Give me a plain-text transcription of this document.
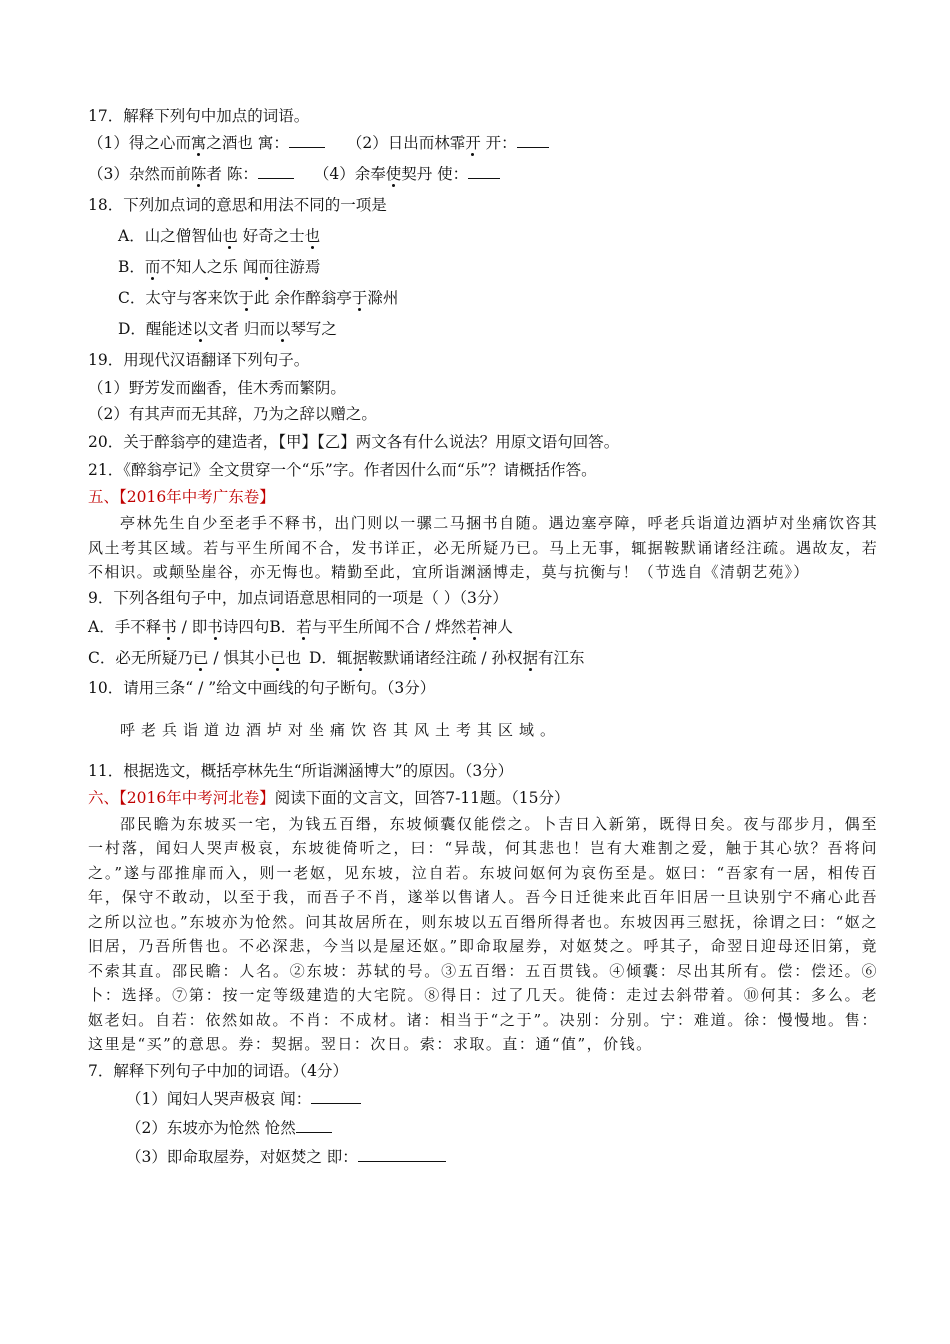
17．解释下列句中加点的词语。

（1）得之心而寓之酒也 寓：	（2）日出而林霏开 开：

（3）杂然而前陈者 陈：	（4）余奉使契丹 使：

18．下列加点词的意思和用法不同的一项是

A．山之僧智仙也 好奇之士也

B．而不知人之乐 闻而往游焉

C．太守与客来饮于此 余作醉翁亭于滁州

D．醒能述以文者 归而以琴写之

19．用现代汉语翻译下列句子。

（1）野芳发而幽香，佳木秀而繁阴。

（2）有其声而无其辞，乃为之辞以赠之。

20．关于醉翁亭的建造者，【甲】【乙】两文各有什么说法？用原文语句回答。

21．《醉翁亭记》全文贯穿一个“乐”字。作者因什么而“乐”？请概括作答。

五、【2016年中考广东卷】

亭林先生自少至老手不释书，出门则以一骡二马捆书自随。遇边塞亭障，呼老兵诣道边酒垆对坐痛饮咨其风土考其区域。若与平生所闻不合，发书详正，必无所疑乃已。马上无事，辄据鞍默诵诸经注疏。遇故友，若不相识。或颠坠崖谷，亦无悔也。精勤至此，宜所诣渊涵博走，莫与抗衡与！（节选自《清朝艺苑》）

9．下列各组句子中，加点词语意思相同的一项是（ ）（3分）

A．手不释书 / 即书诗四句B．若与平生所闻不合 / 烨然若神人

C．必无所疑乃已 / 惧其小已也 D．辄据鞍默诵诸经注疏 / 孙权据有江东

10．请用三条“ / ”给文中画线的句子断句。（3分）

呼老兵诣道边酒垆对坐痛饮咨其风土考其区域。

11．根据选文，概括亭林先生“所诣渊涵博大”的原因。（3分）

六、【2016年中考河北卷】阅读下面的文言文，回答7-11题。（15分）

邵民瞻为东坡买一宅，为钱五百缗，东坡倾囊仅能偿之。卜吉日入新第，既得日矣。夜与邵步月，偶至一村落，闻妇人哭声极哀，东坡徙倚听之，曰：“异哉，何其悲也！岂有大难割之爱，触于其心欤？吾将问之。”遂与邵推扉而入，则一老妪，见东坡，泣自若。东坡问妪何为哀伤至是。妪曰：“吾家有一居，相传百年，保守不敢动，以至于我，而吾子不肖，遂举以售诸人。吾今日迁徙来此百年旧居一旦诀别宁不痛心此吾之所以泣也。”东坡亦为怆然。问其故居所在，则东坡以五百缗所得者也。东坡因再三慰抚，徐谓之曰：“妪之旧居，乃吾所售也。不必深悲，今当以是屋还妪。”即命取屋券，对妪焚之。呼其子，命翌日迎母还旧第，竟不索其直。邵民瞻：人名。②东坡：苏轼的号。③五百缗：五百贯钱。④倾囊：尽出其所有。偿：偿还。⑥卜：选择。⑦第：按一定等级建造的大宅院。⑧得日：过了几天。徙倚：走过去斜带着。⑩何其：多么。老妪老妇。自若：依然如故。不肖：不成材。诸：相当于“之于”。决别：分别。宁：难道。徐：慢慢地。售：这里是“买”的意思。券：契据。翌日：次日。索：求取。直：通“值”，价钱。

7．解释下列句子中加的词语。（4分）

（1）闻妇人哭声极哀 闻：

（2）东坡亦为怆然 怆然

（3）即命取屋券，对妪焚之 即：
